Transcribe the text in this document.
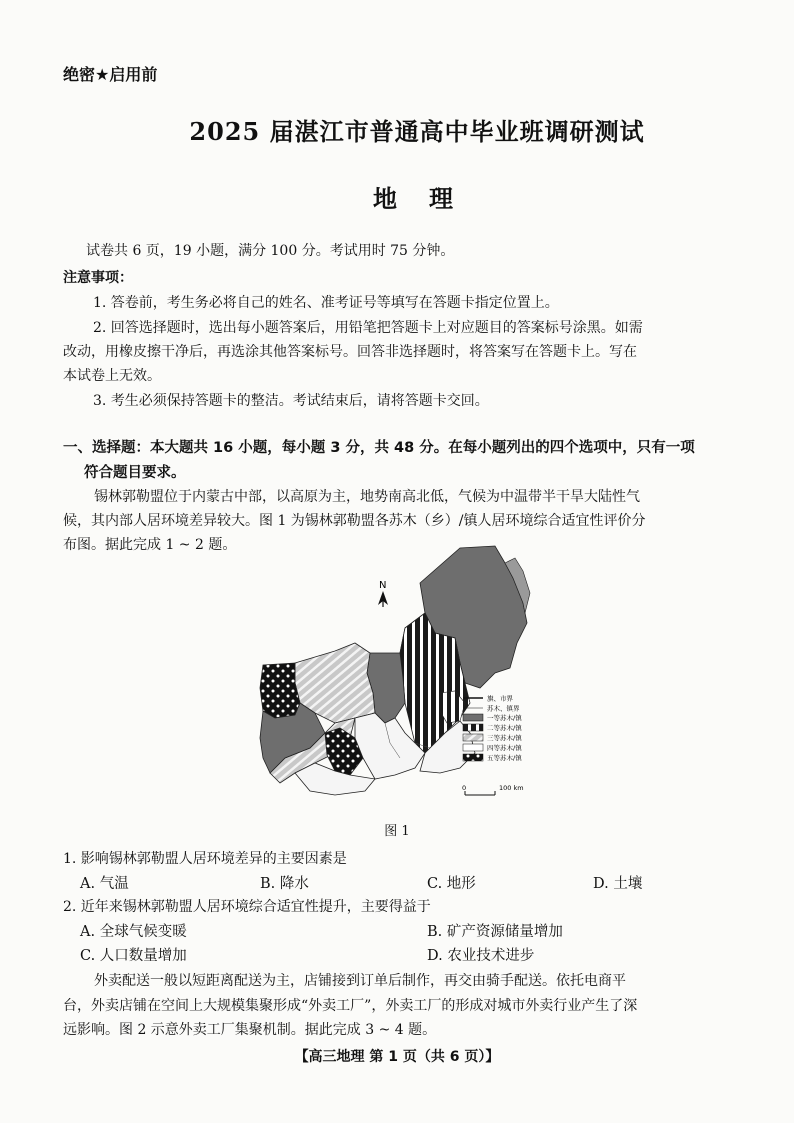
绝密★启用前
2025 届湛江市普通高中毕业班调研测试
地理
试卷共 6 页，19 小题，满分 100 分。考试用时 75 分钟。
注意事项：
1. 答卷前，考生务必将自己的姓名、准考证号等填写在答题卡指定位置上。
2. 回答选择题时，选出每小题答案后，用铅笔把答题卡上对应题目的答案标号涂黑。如需
改动，用橡皮擦干净后，再选涂其他答案标号。回答非选择题时，将答案写在答题卡上。写在
本试卷上无效。
3. 考生必须保持答题卡的整洁。考试结束后，请将答题卡交回。
一、选择题：本大题共 16 小题，每小题 3 分，共 48 分。在每小题列出的四个选项中，只有一项
符合题目要求。
锡林郭勒盟位于内蒙古中部，以高原为主，地势南高北低，气候为中温带半干旱大陆性气
候，其内部人居环境差异较大。图 1 为锡林郭勒盟各苏木（乡）/镇人居环境综合适宜性评价分
布图。据此完成 1 ~ 2 题。
N
旗、市界
苏木、镇界
一等苏木/镇
二等苏木/镇
三等苏木/镇
四等苏木/镇
五等苏木/镇
0	100 km
图 1
1. 影响锡林郭勒盟人居环境差异的主要因素是
A. 气温	B. 降水	C. 地形	D. 土壤
2. 近年来锡林郭勒盟人居环境综合适宜性提升，主要得益于
A. 全球气候变暖	B. 矿产资源储量增加
C. 人口数量增加	D. 农业技术进步
外卖配送一般以短距离配送为主，店铺接到订单后制作，再交由骑手配送。依托电商平
台，外卖店铺在空间上大规模集聚形成“外卖工厂”，外卖工厂的形成对城市外卖行业产生了深
远影响。图 2 示意外卖工厂集聚机制。据此完成 3 ~ 4 题。
【高三地理 第 1 页（共 6 页）】
